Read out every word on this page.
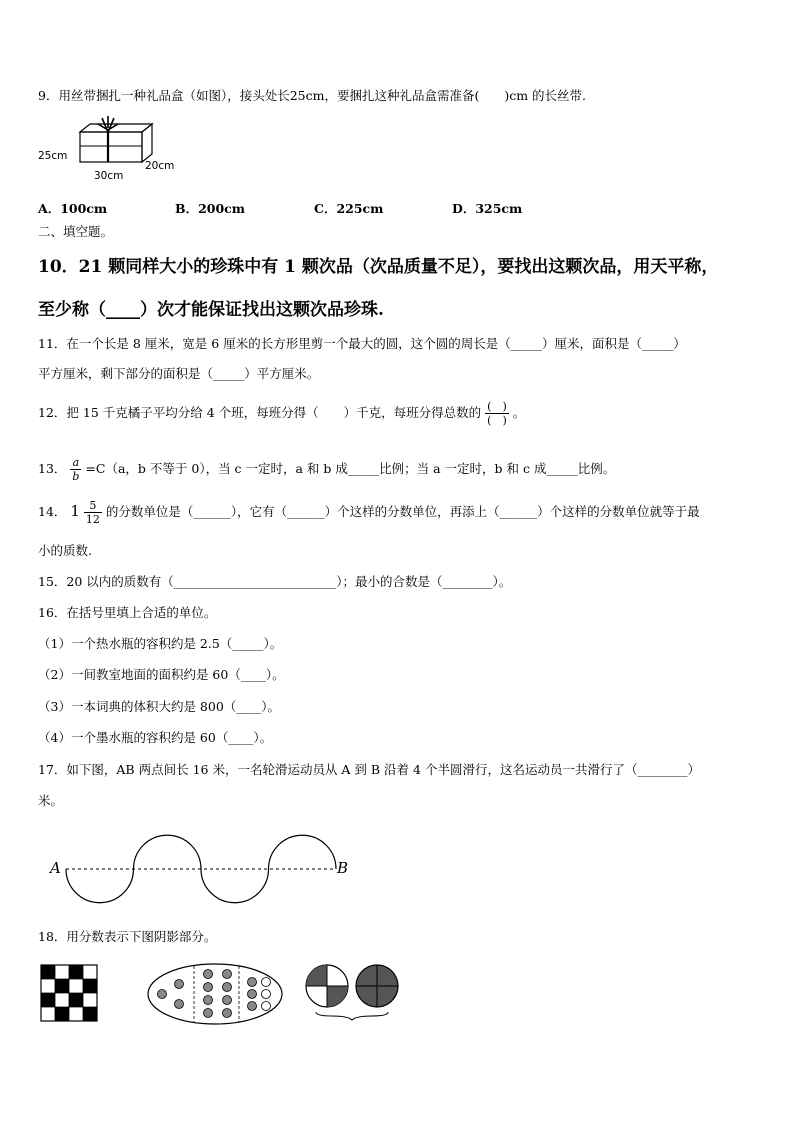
9．用丝带捆扎一种礼品盒（如图），接头处长25cm，要捆扎这种礼品盒需准备(　　)cm 的长丝带.
25cm
30cm
20cm
A．100cm	B．200cm	C．225cm	D．325cm
二、填空题。
10．21 颗同样大小的珍珠中有 1 颗次品（次品质量不足），要找出这颗次品，用天平称，
至少称（____）次才能保证找出这颗次品珍珠.
11．在一个长是 8 厘米，宽是 6 厘米的长方形里剪一个最大的圆，这个圆的周长是（_____）厘米，面积是（_____）
平方厘米，剩下部分的面积是（_____）平方厘米。
12．把 15 千克橘子平均分给 4 个班，每班分得（　　）千克，每班分得总数的 $\frac{( )}{( )}$ 。
13． $\frac{a}{b} =C(a$，b 不等于 0），当 c 一定时，a 和 b 成_____比例；当 a 一定时，b 和 c 成_____比例。
14． $1 \frac{5}{12}$ 的分数单位是（______），它有（______）个这样的分数单位，再添上（______）个这样的分数单位就等于最
小的质数.
15．20 以内的质数有（__________________________）；最小的合数是（________）。
16．在括号里填上合适的单位。
（1）一个热水瓶的容积约是 2.5（_____）。
（2）一间教室地面的面积约是 60（____）。
（3）一本词典的体积大约是 800（____）。
（4）一个墨水瓶的容积约是 60（____）。
17．如下图，AB 两点间长 16 米，一名轮滑运动员从 A 到 B 沿着 4 个半圆滑行，这名运动员一共滑行了（________）
米。
A	B
18．用分数表示下图阴影部分。
